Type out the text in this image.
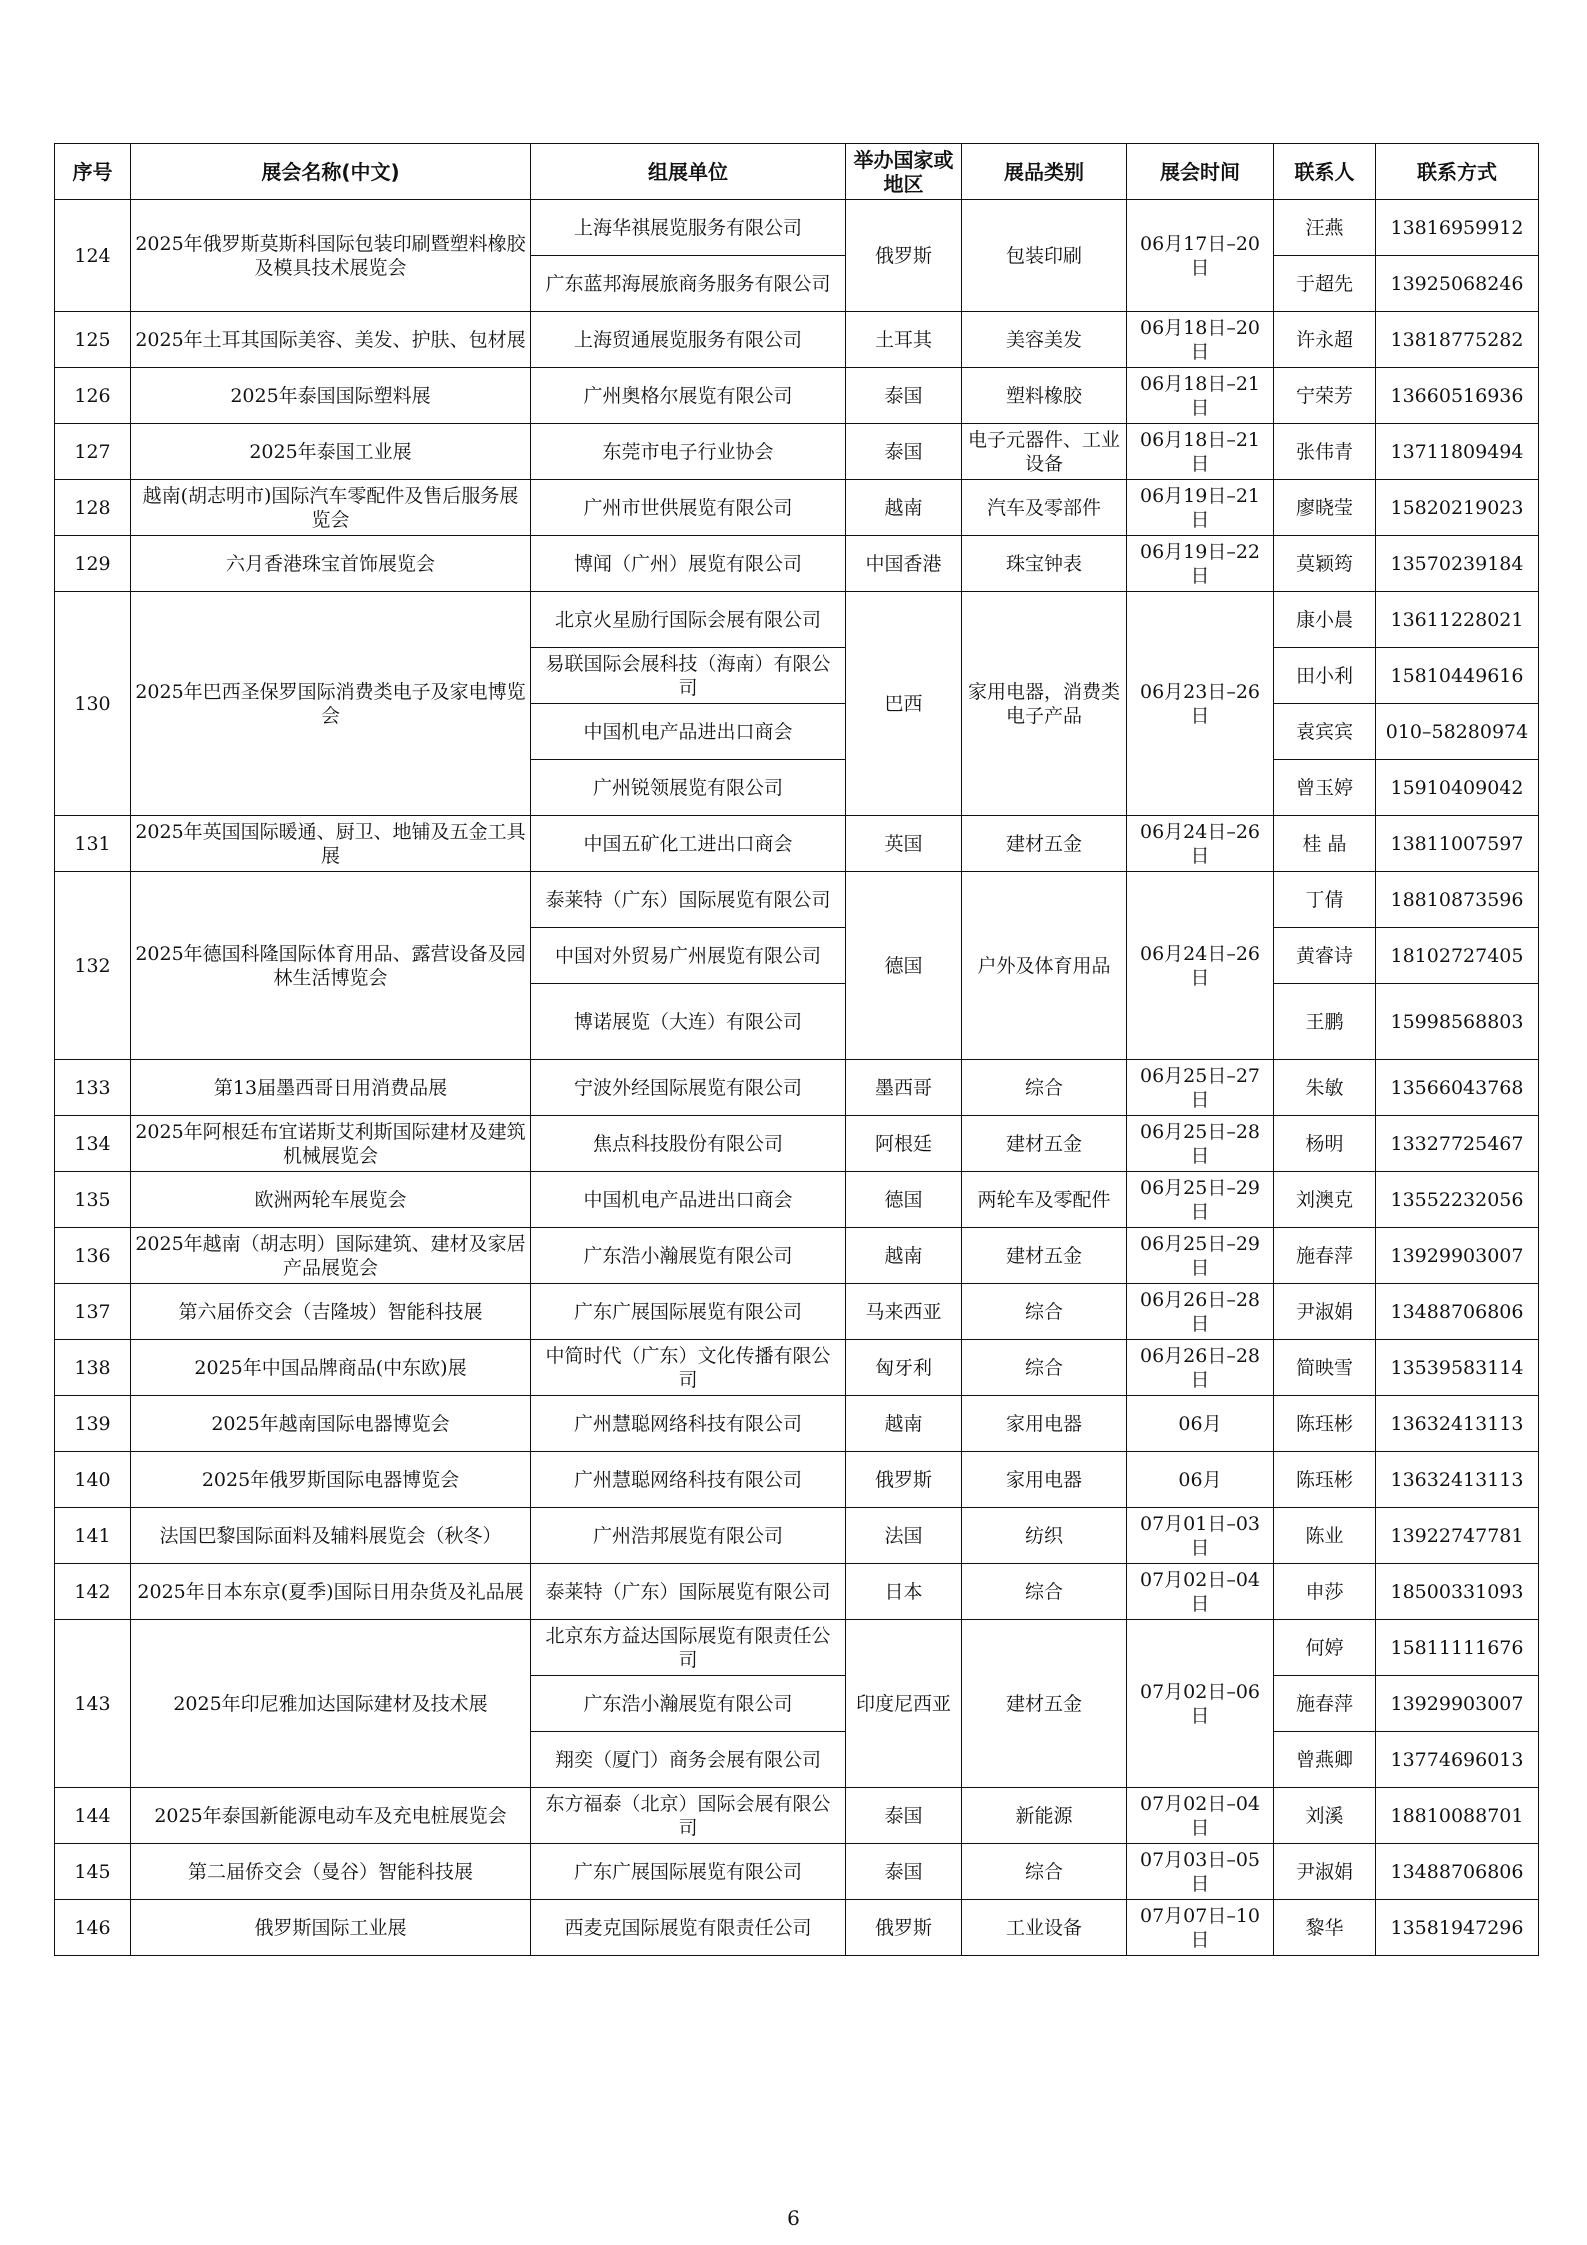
序号	展会名称(中文)	组展单位	举办国家或地区	展品类别	展会时间	联系人	联系方式
124	2025年俄罗斯莫斯科国际包装印刷暨塑料橡胶及模具技术展览会	上海华祺展览服务有限公司	俄罗斯	包装印刷	06月17日–20日	汪燕	13816959912
		广东蓝邦海展旅商务服务有限公司				于超先	13925068246
125	2025年土耳其国际美容、美发、护肤、包材展	上海贸通展览服务有限公司	土耳其	美容美发	06月18日–20日	许永超	13818775282
126	2025年泰国国际塑料展	广州奥格尔展览有限公司	泰国	塑料橡胶	06月18日–21日	宁荣芳	13660516936
127	2025年泰国工业展	东莞市电子行业协会	泰国	电子元器件、工业设备	06月18日–21日	张伟青	13711809494
128	越南(胡志明市)国际汽车零配件及售后服务展览会	广州市世供展览有限公司	越南	汽车及零部件	06月19日–21日	廖晓莹	15820219023
129	六月香港珠宝首饰展览会	博闻（广州）展览有限公司	中国香港	珠宝钟表	06月19日–22日	莫颖筠	13570239184
130	2025年巴西圣保罗国际消费类电子及家电博览会	北京火星励行国际会展有限公司	巴西	家用电器，消费类电子产品	06月23日–26日	康小晨	13611228021
		易联国际会展科技（海南）有限公司				田小利	15810449616
		中国机电产品进出口商会				袁宾宾	010–58280974
		广州锐领展览有限公司				曾玉婷	15910409042
131	2025年英国国际暖通、厨卫、地铺及五金工具展	中国五矿化工进出口商会	英国	建材五金	06月24日–26日	桂 晶	13811007597
132	2025年德国科隆国际体育用品、露营设备及园林生活博览会	泰莱特（广东）国际展览有限公司	德国	户外及体育用品	06月24日–26日	丁倩	18810873596
		中国对外贸易广州展览有限公司				黄睿诗	18102727405
		博诺展览（大连）有限公司				王鹏	15998568803
133	第13届墨西哥日用消费品展	宁波外经国际展览有限公司	墨西哥	综合	06月25日–27日	朱敏	13566043768
134	2025年阿根廷布宜诺斯艾利斯国际建材及建筑机械展览会	焦点科技股份有限公司	阿根廷	建材五金	06月25日–28日	杨明	13327725467
135	欧洲两轮车展览会	中国机电产品进出口商会	德国	两轮车及零配件	06月25日–29日	刘澳克	13552232056
136	2025年越南（胡志明）国际建筑、建材及家居产品展览会	广东浩小瀚展览有限公司	越南	建材五金	06月25日–29日	施春萍	13929903007
137	第六届侨交会（吉隆坡）智能科技展	广东广展国际展览有限公司	马来西亚	综合	06月26日–28日	尹淑娟	13488706806
138	2025年中国品牌商品(中东欧)展	中简时代（广东）文化传播有限公司	匈牙利	综合	06月26日–28日	简映雪	13539583114
139	2025年越南国际电器博览会	广州慧聪网络科技有限公司	越南	家用电器	06月	陈珏彬	13632413113
140	2025年俄罗斯国际电器博览会	广州慧聪网络科技有限公司	俄罗斯	家用电器	06月	陈珏彬	13632413113
141	法国巴黎国际面料及辅料展览会（秋冬）	广州浩邦展览有限公司	法国	纺织	07月01日–03日	陈业	13922747781
142	2025年日本东京(夏季)国际日用杂货及礼品展	泰莱特（广东）国际展览有限公司	日本	综合	07月02日–04日	申莎	18500331093
143	2025年印尼雅加达国际建材及技术展	北京东方益达国际展览有限责任公司	印度尼西亚	建材五金	07月02日–06日	何婷	15811111676
		广东浩小瀚展览有限公司				施春萍	13929903007
		翔奕（厦门）商务会展有限公司				曾燕卿	13774696013
144	2025年泰国新能源电动车及充电桩展览会	东方福泰（北京）国际会展有限公司	泰国	新能源	07月02日–04日	刘溪	18810088701
145	第二届侨交会（曼谷）智能科技展	广东广展国际展览有限公司	泰国	综合	07月03日–05日	尹淑娟	13488706806
146	俄罗斯国际工业展	西麦克国际展览有限责任公司	俄罗斯	工业设备	07月07日–10日	黎华	13581947296
6
